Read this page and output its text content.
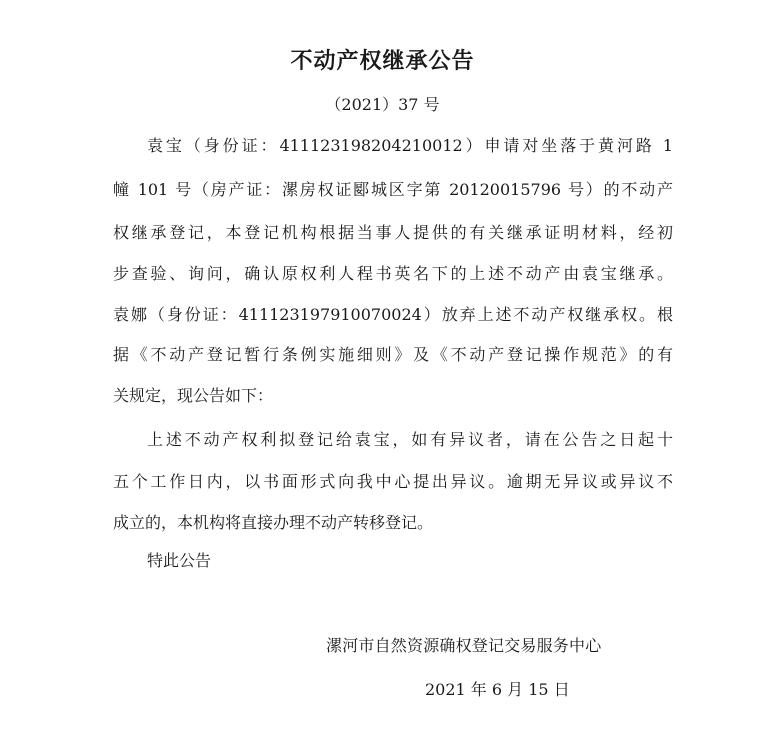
不动产权继承公告
（2021）37 号
袁宝（身份证：411123198204210012）申请对坐落于黄河路 1
幢 101 号（房产证：漯房权证郾城区字第 20120015796 号）的不动产
权继承登记，本登记机构根据当事人提供的有关继承证明材料，经初
步查验、询问，确认原权利人程书英名下的上述不动产由袁宝继承。
袁娜（身份证：411123197910070024）放弃上述不动产权继承权。根
据《不动产登记暂行条例实施细则》及《不动产登记操作规范》的有
关规定，现公告如下：
上述不动产权利拟登记给袁宝，如有异议者，请在公告之日起十
五个工作日内，以书面形式向我中心提出异议。逾期无异议或异议不
成立的，本机构将直接办理不动产转移登记。
特此公告
漯河市自然资源确权登记交易服务中心
2021 年 6 月 15 日
